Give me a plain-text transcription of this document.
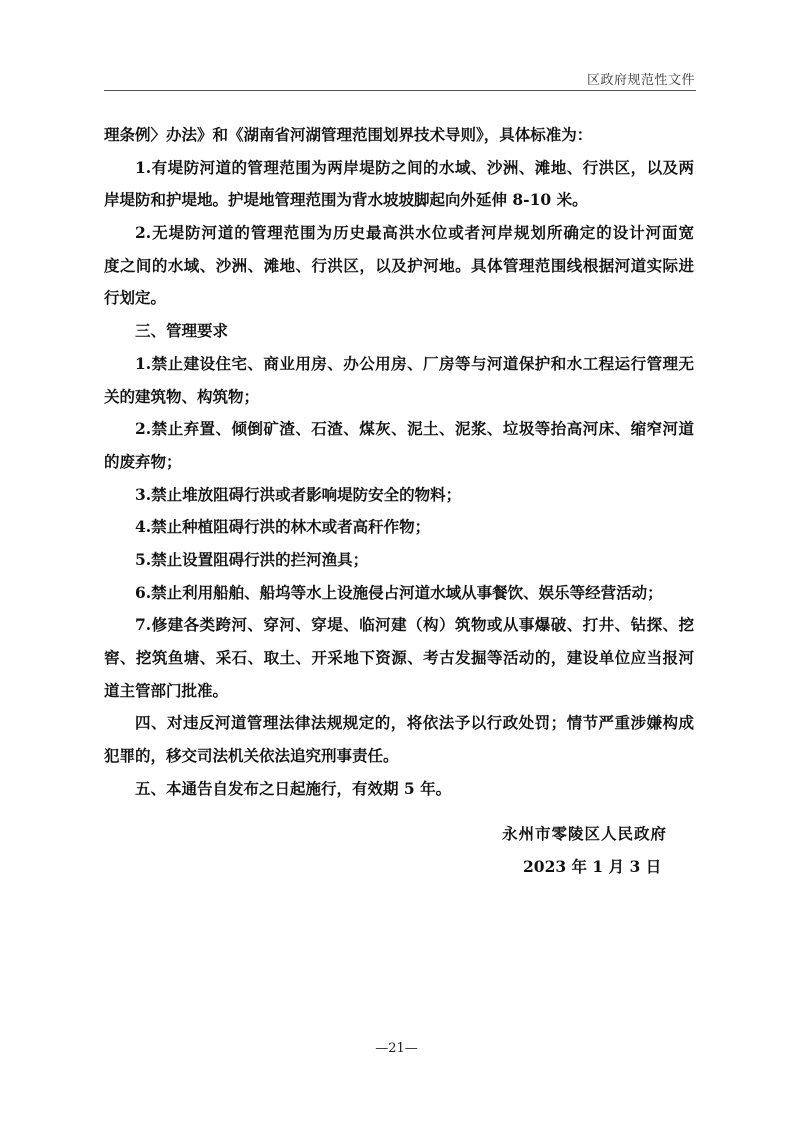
区政府规范性文件
理条例〉办法》和《湖南省河湖管理范围划界技术导则》，具体标准为：
1.有堤防河道的管理范围为两岸堤防之间的水域、沙洲、滩地、行洪区，以及两
岸堤防和护堤地。护堤地管理范围为背水坡坡脚起向外延伸 8-10 米。
2.无堤防河道的管理范围为历史最高洪水位或者河岸规划所确定的设计河面宽
度之间的水域、沙洲、滩地、行洪区，以及护河地。具体管理范围线根据河道实际进
行划定。
三、管理要求
1.禁止建设住宅、商业用房、办公用房、厂房等与河道保护和水工程运行管理无
关的建筑物、构筑物；
2.禁止弃置、倾倒矿渣、石渣、煤灰、泥土、泥浆、垃圾等抬高河床、缩窄河道
的废弃物；
3.禁止堆放阻碍行洪或者影响堤防安全的物料；
4.禁止种植阻碍行洪的林木或者高秆作物；
5.禁止设置阻碍行洪的拦河渔具；
6.禁止利用船舶、船坞等水上设施侵占河道水域从事餐饮、娱乐等经营活动；
7.修建各类跨河、穿河、穿堤、临河建（构）筑物或从事爆破、打井、钻探、挖
窖、挖筑鱼塘、采石、取土、开采地下资源、考古发掘等活动的，建设单位应当报河
道主管部门批准。
四、对违反河道管理法律法规规定的，将依法予以行政处罚；情节严重涉嫌构成
犯罪的，移交司法机关依法追究刑事责任。
五、本通告自发布之日起施行，有效期 5 年。
永州市零陵区人民政府
2023 年 1 月 3 日
—21—
